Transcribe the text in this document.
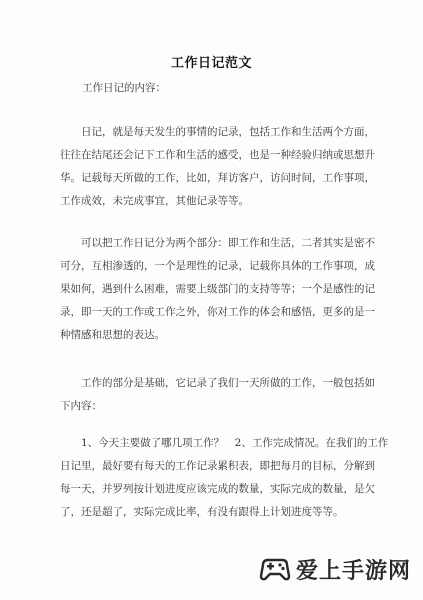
工作日记范文
工作日记的内容：
日记，就是每天发生的事情的记录，包括工作和生活两个方面，
往往在结尾还会记下工作和生活的感受，也是一种经验归纳或思想升
华。记载每天所做的工作，比如，拜访客户，访问时间，工作事项，
工作成效，未完成事宜，其他记录等等。
可以把工作日记分为两个部分：即工作和生活，二者其实是密不
可分，互相渗透的，一个是理性的记录，记载你具体的工作事项，成
果如何，遇到什么困难，需要上级部门的支持等等；一个是感性的记
录，即一天的工作或工作之外，你对工作的体会和感悟，更多的是一
种情感和思想的表达。
工作的部分是基础，它记录了我们一天所做的工作，一般包括如
下内容：
1、今天主要做了哪几项工作？　2、工作完成情况。在我们的工作
日记里，最好要有每天的工作记录累积表，即把每月的目标，分解到
每一天，并罗列按计划进度应该完成的数量，实际完成的数量，是欠
了，还是超了，实际完成比率，有没有跟得上计划进度等等。
爱上手游网
